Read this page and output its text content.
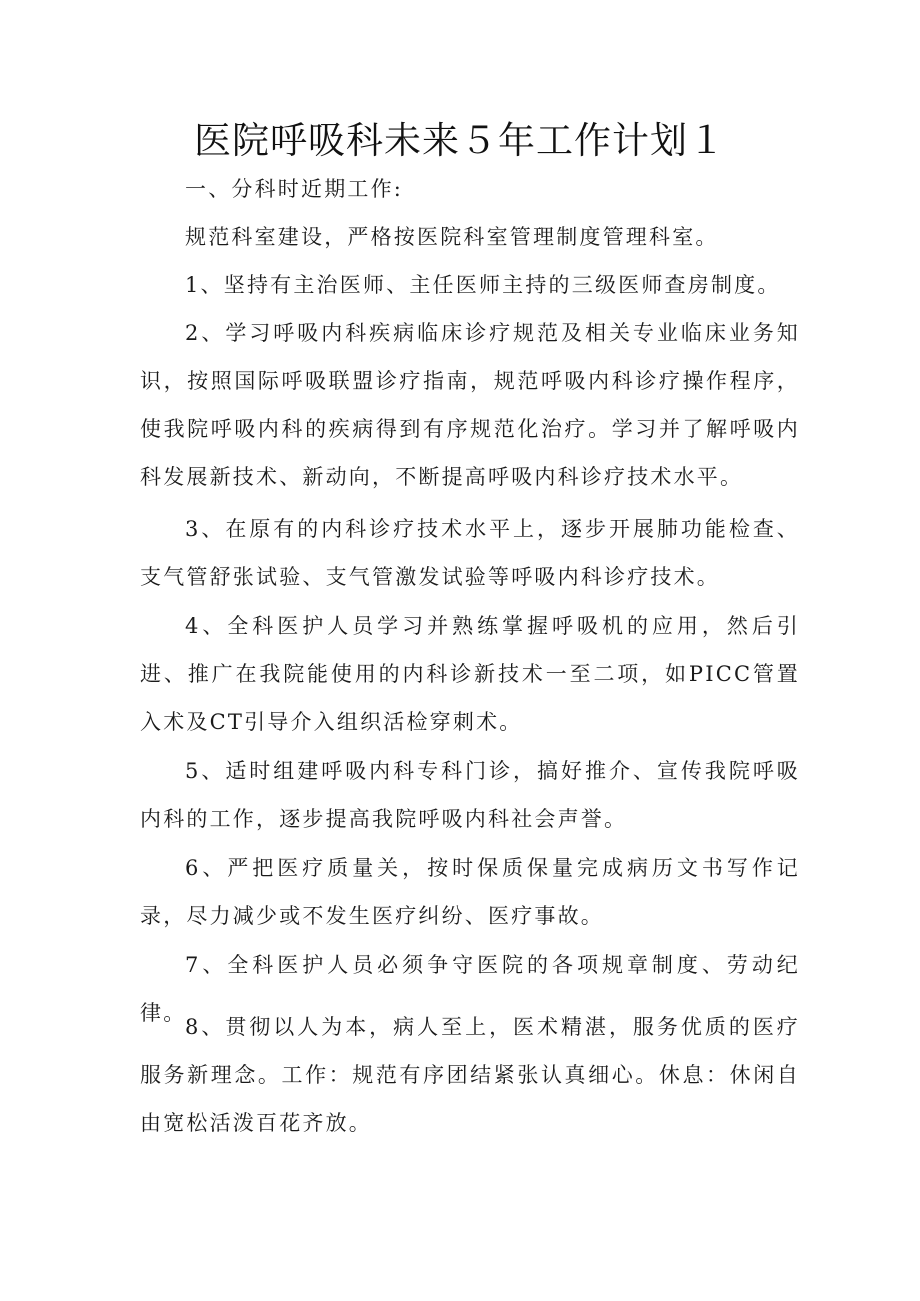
医院呼吸科未来５年工作计划１

一、分科时近期工作:

规范科室建设，严格按医院科室管理制度管理科室。

1、坚持有主治医师、主任医师主持的三级医师查房制度。

2、学习呼吸内科疾病临床诊疗规范及相关专业临床业务知识，按照国际呼吸联盟诊疗指南，规范呼吸内科诊疗操作程序，使我院呼吸内科的疾病得到有序规范化治疗。学习并了解呼吸内科发展新技术、新动向，不断提高呼吸内科诊疗技术水平。

3、在原有的内科诊疗技术水平上，逐步开展肺功能检查、支气管舒张试验、支气管激发试验等呼吸内科诊疗技术。

4、全科医护人员学习并熟练掌握呼吸机的应用，然后引进、推广在我院能使用的内科诊新技术一至二项，如PICC管置入术及CT引导介入组织活检穿刺术。

5、适时组建呼吸内科专科门诊，搞好推介、宣传我院呼吸内科的工作，逐步提高我院呼吸内科社会声誉。

6、严把医疗质量关，按时保质保量完成病历文书写作记录，尽力减少或不发生医疗纠纷、医疗事故。

7、全科医护人员必须争守医院的各项规章制度、劳动纪律。

8、贯彻以人为本，病人至上，医术精湛，服务优质的医疗服务新理念。工作：规范有序团结紧张认真细心。休息：休闲自由宽松活泼百花齐放。
